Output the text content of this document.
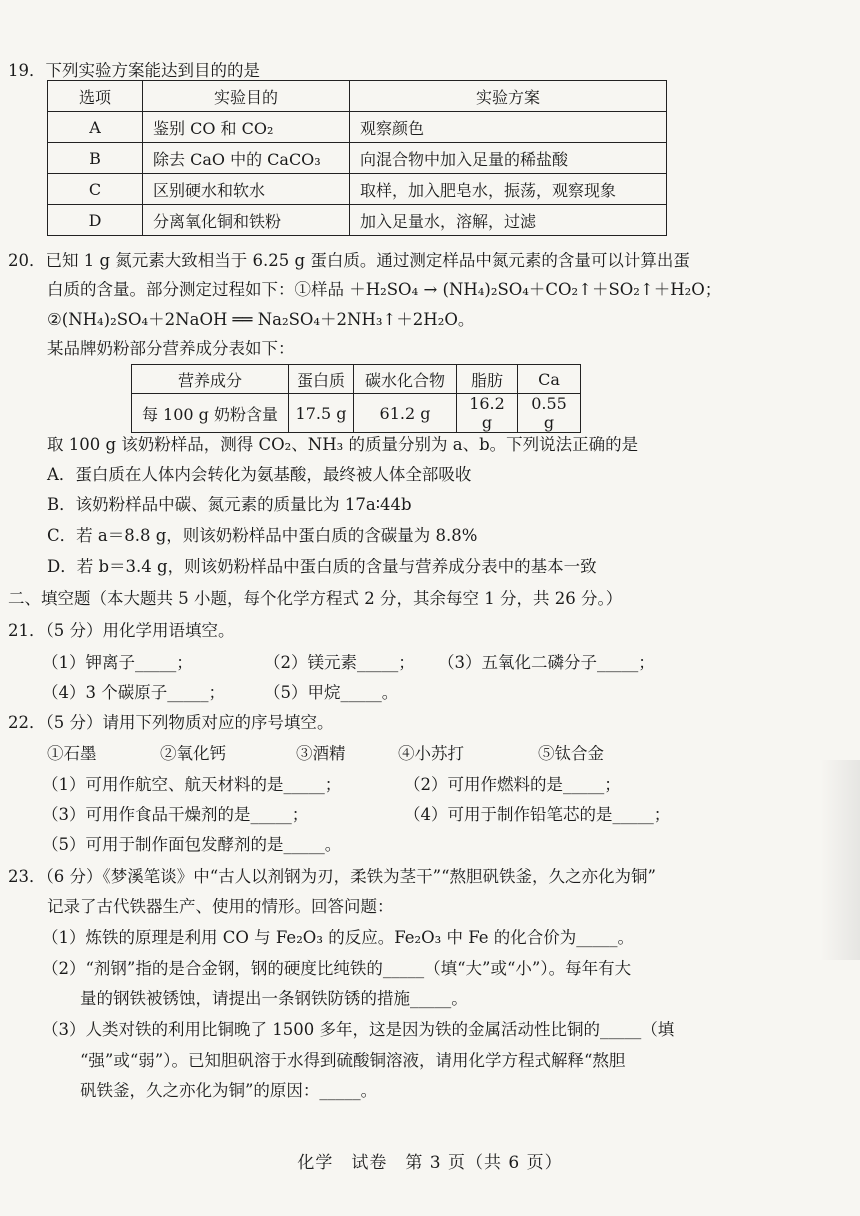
19．下列实验方案能达到目的的是
选项	实验目的	实验方案
A	鉴别 CO 和 CO₂	观察颜色
B	除去 CaO 中的 CaCO₃	向混合物中加入足量的稀盐酸
C	区别硬水和软水	取样，加入肥皂水，振荡，观察现象
D	分离氧化铜和铁粉	加入足量水，溶解，过滤
20．已知 1 g 氮元素大致相当于 6.25 g 蛋白质。通过测定样品中氮元素的含量可以计算出蛋
白质的含量。部分测定过程如下：①样品 ＋H₂SO₄ → (NH₄)₂SO₄＋CO₂↑＋SO₂↑＋H₂O；
②(NH₄)₂SO₄＋2NaOH ══ Na₂SO₄＋2NH₃↑＋2H₂O。
某品牌奶粉部分营养成分表如下：
营养成分	蛋白质	碳水化合物	脂肪	Ca
每 100 g 奶粉含量	17.5 g	61.2 g	16.2 g	0.55 g
取 100 g 该奶粉样品，测得 CO₂、NH₃ 的质量分别为 a、b。下列说法正确的是
A．蛋白质在人体内会转化为氨基酸，最终被人体全部吸收
B．该奶粉样品中碳、氮元素的质量比为 17a∶44b
C．若 a＝8.8 g，则该奶粉样品中蛋白质的含碳量为 8.8%
D．若 b＝3.4 g，则该奶粉样品中蛋白质的含量与营养成分表中的基本一致
二、填空题（本大题共 5 小题，每个化学方程式 2 分，其余每空 1 分，共 26 分。）
21．（5 分）用化学用语填空。
（1）钾离子_____；	（2）镁元素_____； （3）五氧化二磷分子_____；
（4）3 个碳原子_____； （5）甲烷_____。
22．（5 分）请用下列物质对应的序号填空。
①石墨	②氧化钙	③酒精	④小苏打	⑤钛合金
（1）可用作航空、航天材料的是_____；	（2）可用作燃料的是_____；
（3）可用作食品干燥剂的是_____；	（4）可用于制作铅笔芯的是_____；
（5）可用于制作面包发酵剂的是_____。
23．（6 分）《梦溪笔谈》中“古人以剂钢为刃，柔铁为茎干”“熬胆矾铁釜，久之亦化为铜”
记录了古代铁器生产、使用的情形。回答问题：
（1）炼铁的原理是利用 CO 与 Fe₂O₃ 的反应。Fe₂O₃ 中 Fe 的化合价为_____。
（2）“剂钢”指的是合金钢，钢的硬度比纯铁的_____（填“大”或“小”）。每年有大
量的钢铁被锈蚀，请提出一条钢铁防锈的措施_____。
（3）人类对铁的利用比铜晚了 1500 多年，这是因为铁的金属活动性比铜的_____（填
“强”或“弱”）。已知胆矾溶于水得到硫酸铜溶液，请用化学方程式解释“熬胆
矾铁釜，久之亦化为铜”的原因：_____。
化学　试卷　第 3 页（共 6 页）
